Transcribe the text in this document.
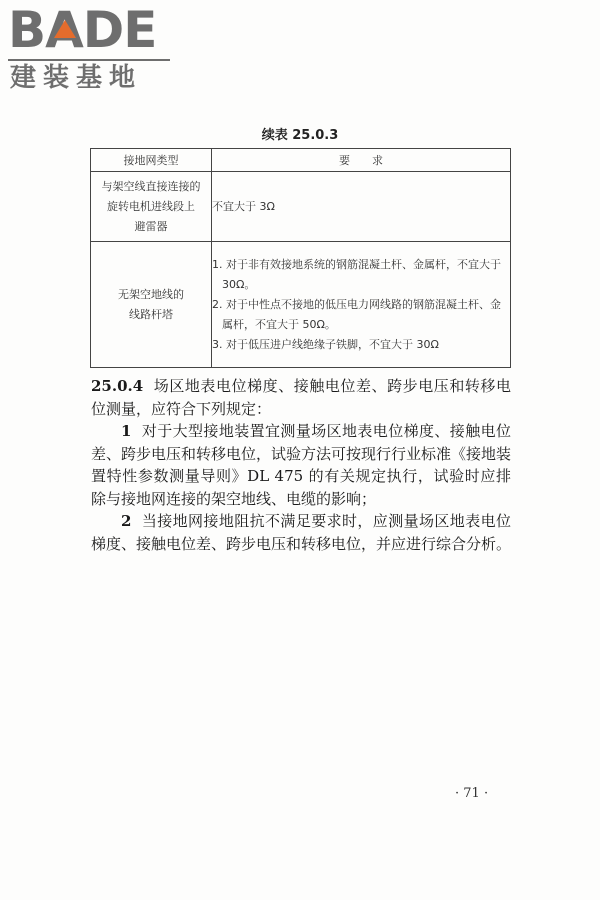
BADE
建装基地
续表 25.0.3
接地网类型	要　　求

与架空线直接连接的
旋转电机进线段上
避雷器	不宜大于 3Ω

无架空地线的
线路杆塔	1. 对于非有效接地系统的钢筋混凝土杆、金属杆，不宜大于 30Ω。
2. 对于中性点不接地的低压电力网线路的钢筋混凝土杆、金属杆，不宜大于 50Ω。
3. 对于低压进户线绝缘子铁脚，不宜大于 30Ω

25.0.4 场区地表电位梯度、接触电位差、跨步电压和转移电位测量，应符合下列规定：

1 对于大型接地装置宜测量场区地表电位梯度、接触电位差、跨步电压和转移电位，试验方法可按现行行业标准《接地装置特性参数测量导则》DL 475 的有关规定执行，试验时应排除与接地网连接的架空地线、电缆的影响；

2 当接地网接地阻抗不满足要求时，应测量场区地表电位梯度、接触电位差、跨步电压和转移电位，并应进行综合分析。

· 71 ·
